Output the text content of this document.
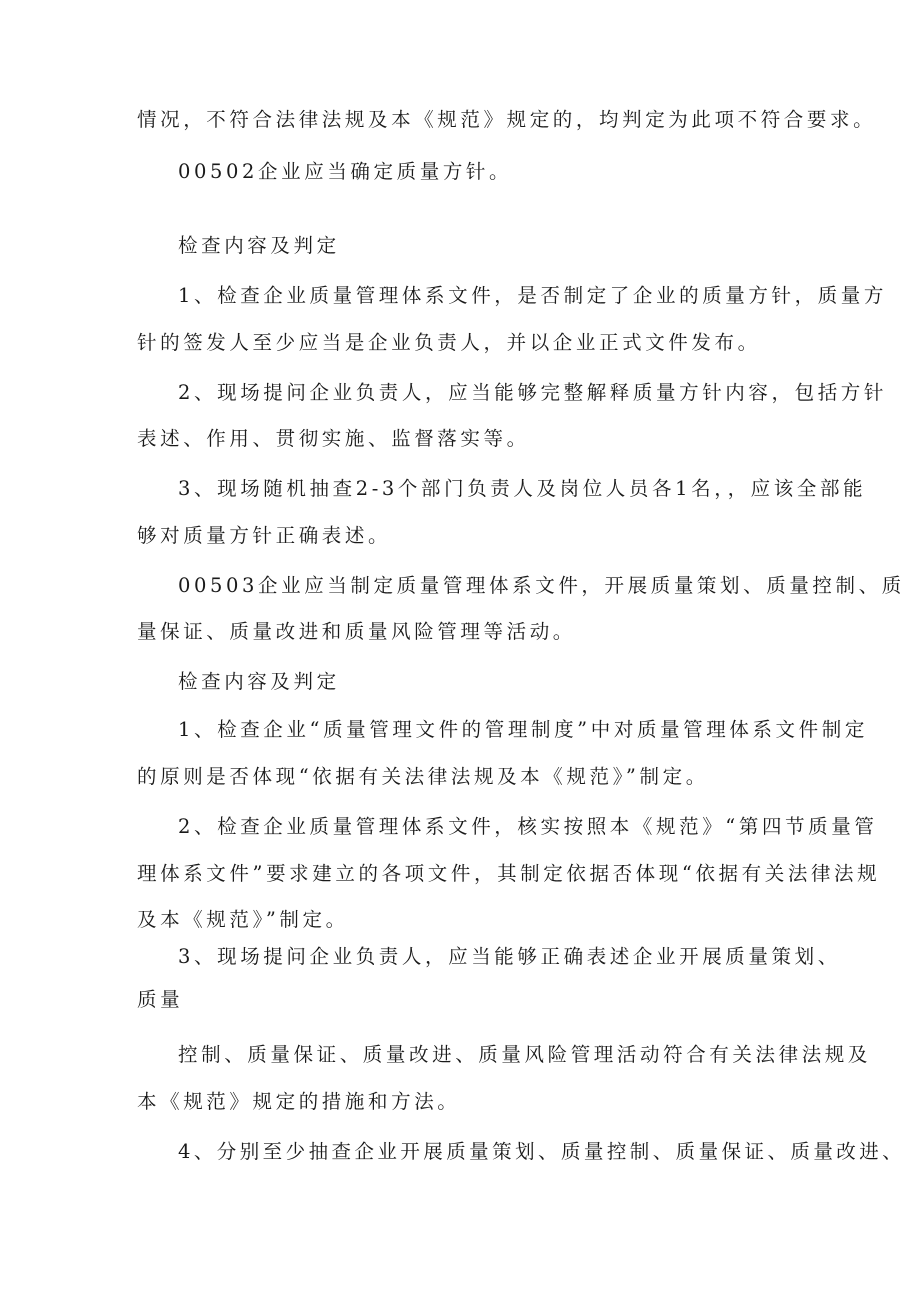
情况，不符合法律法规及本《规范》规定的，均判定为此项不符合要求。
00502企业应当确定质量方针。
检查内容及判定
1、检查企业质量管理体系文件，是否制定了企业的质量方针，质量方
针的签发人至少应当是企业负责人，并以企业正式文件发布。
2、现场提问企业负责人，应当能够完整解释质量方针内容，包括方针
表述、作用、贯彻实施、监督落实等。
3、现场随机抽查2-3个部门负责人及岗位人员各1名，，应该全部能
够对质量方针正确表述。
00503企业应当制定质量管理体系文件，开展质量策划、质量控制、质
量保证、质量改进和质量风险管理等活动。
检查内容及判定
1、检查企业“质量管理文件的管理制度”中对质量管理体系文件制定
的原则是否体现“依据有关法律法规及本《规范》”制定。
2、检查企业质量管理体系文件，核实按照本《规范》“第四节质量管
理体系文件”要求建立的各项文件，其制定依据否体现“依据有关法律法规
及本《规范》”制定。
3、现场提问企业负责人，应当能够正确表述企业开展质量策划、
质量
控制、质量保证、质量改进、质量风险管理活动符合有关法律法规及
本《规范》规定的措施和方法。
4、分别至少抽查企业开展质量策划、质量控制、质量保证、质量改进、
